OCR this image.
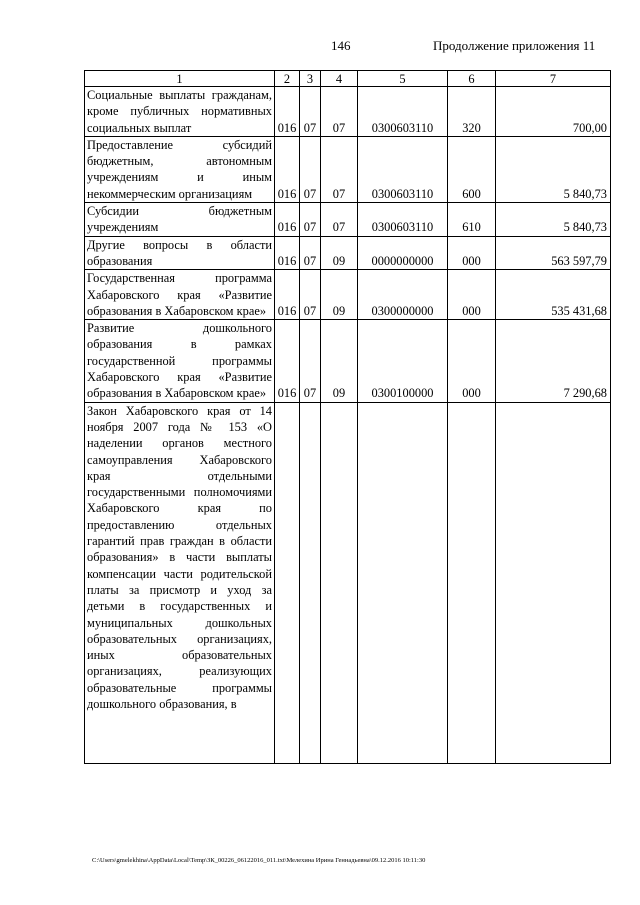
146	Продолжение приложения 11
1	2	3	4	5	6	7
Социальные выплаты гражданам, кроме публичных нормативных социальных выплат	016	07	07	0300603110	320	700,00
Предоставление субсидий бюджетным, автономным учреждениям и иным некоммерческим организациям	016	07	07	0300603110	600	5 840,73
Субсидии бюджетным учреждениям	016	07	07	0300603110	610	5 840,73
Другие вопросы в области образования	016	07	09	0000000000	000	563 597,79
Государственная программа Хабаровского края «Развитие образования в Хабаровском крае»	016	07	09	0300000000	000	535 431,68
Развитие дошкольного образования в рамках государственной программы Хабаровского края «Развитие образования в Хабаровском крае»	016	07	09	0300100000	000	7 290,68
Закон Хабаровского края от 14 ноября 2007 года № 153 «О наделении органов местного самоуправления Хабаровского края отдельными государственными полномочиями Хабаровского края по предоставлению отдельных гарантий прав граждан в области образования» в части выплаты компенсации части родительской платы за присмотр и уход за детьми в государственных и муниципальных дошкольных образовательных организациях, иных образовательных организациях, реализующих образовательные программы дошкольного образования, в						
C:\Users\gmelekhina\AppData\Local\Temp\ЗК_00226_06122016_011.txt\Мелехина Ирина Геннадьевна\09.12.2016 10:11:30
